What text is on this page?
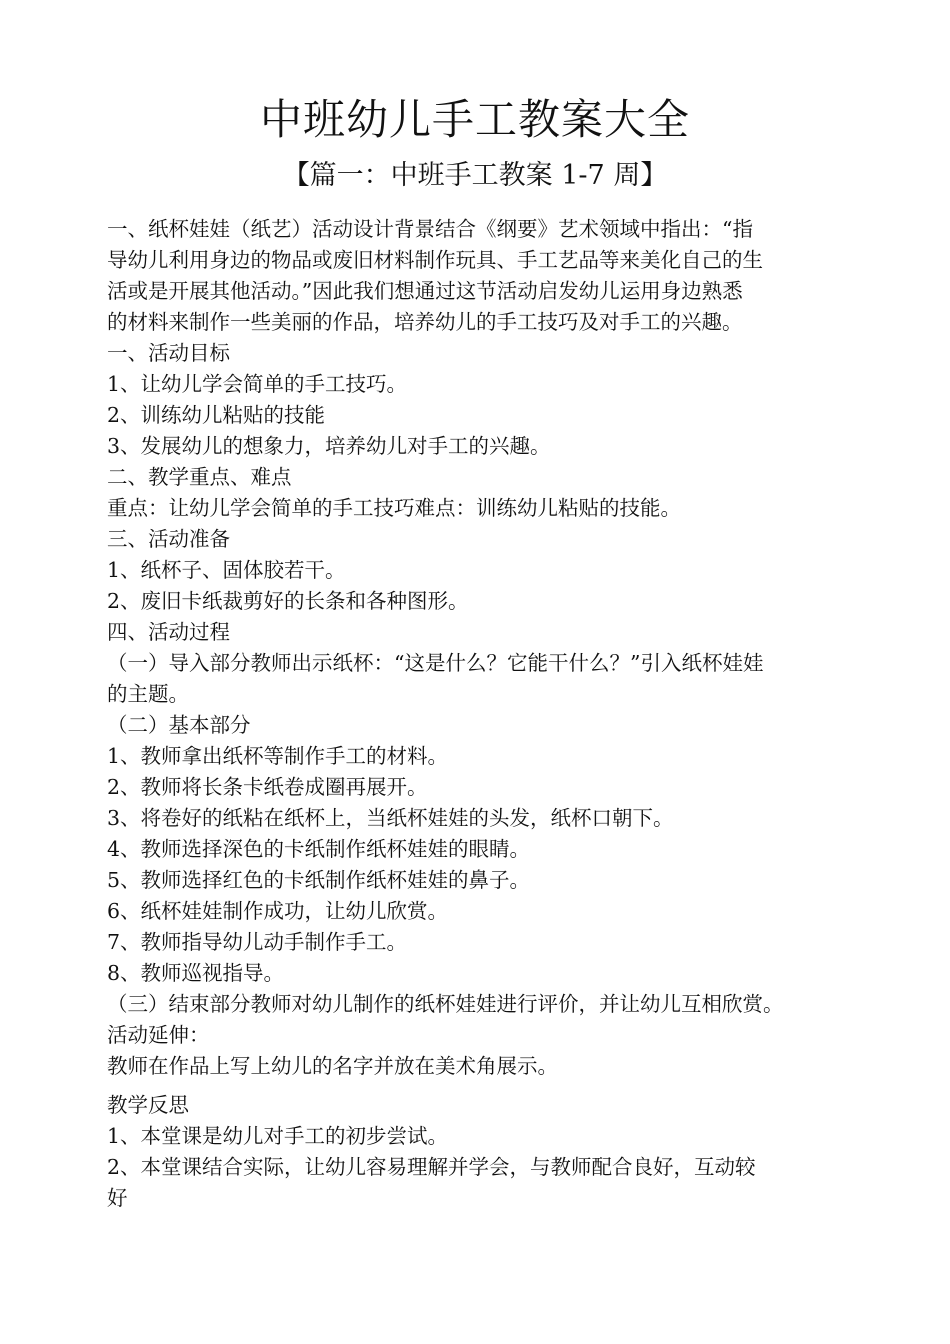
中班幼儿手工教案大全
【篇一：中班手工教案 1-7 周】
一、纸杯娃娃（纸艺）活动设计背景结合《纲要》艺术领域中指出：“指
导幼儿利用身边的物品或废旧材料制作玩具、手工艺品等来美化自己的生
活或是开展其他活动。”因此我们想通过这节活动启发幼儿运用身边熟悉
的材料来制作一些美丽的作品，培养幼儿的手工技巧及对手工的兴趣。
一、活动目标
1、让幼儿学会简单的手工技巧。
2、训练幼儿粘贴的技能
3、发展幼儿的想象力，培养幼儿对手工的兴趣。
二、教学重点、难点
重点：让幼儿学会简单的手工技巧难点：训练幼儿粘贴的技能。
三、活动准备
1、纸杯子、固体胶若干。
2、废旧卡纸裁剪好的长条和各种图形。
四、活动过程
（一）导入部分教师出示纸杯：“这是什么？它能干什么？”引入纸杯娃娃
的主题。
（二）基本部分
1、教师拿出纸杯等制作手工的材料。
2、教师将长条卡纸卷成圈再展开。
3、将卷好的纸粘在纸杯上，当纸杯娃娃的头发，纸杯口朝下。
4、教师选择深色的卡纸制作纸杯娃娃的眼睛。
5、教师选择红色的卡纸制作纸杯娃娃的鼻子。
6、纸杯娃娃制作成功，让幼儿欣赏。
7、教师指导幼儿动手制作手工。
8、教师巡视指导。
（三）结束部分教师对幼儿制作的纸杯娃娃进行评价，并让幼儿互相欣赏。
活动延伸：
教师在作品上写上幼儿的名字并放在美术角展示。
教学反思
1、本堂课是幼儿对手工的初步尝试。
2、本堂课结合实际，让幼儿容易理解并学会，与教师配合良好，互动较
好
